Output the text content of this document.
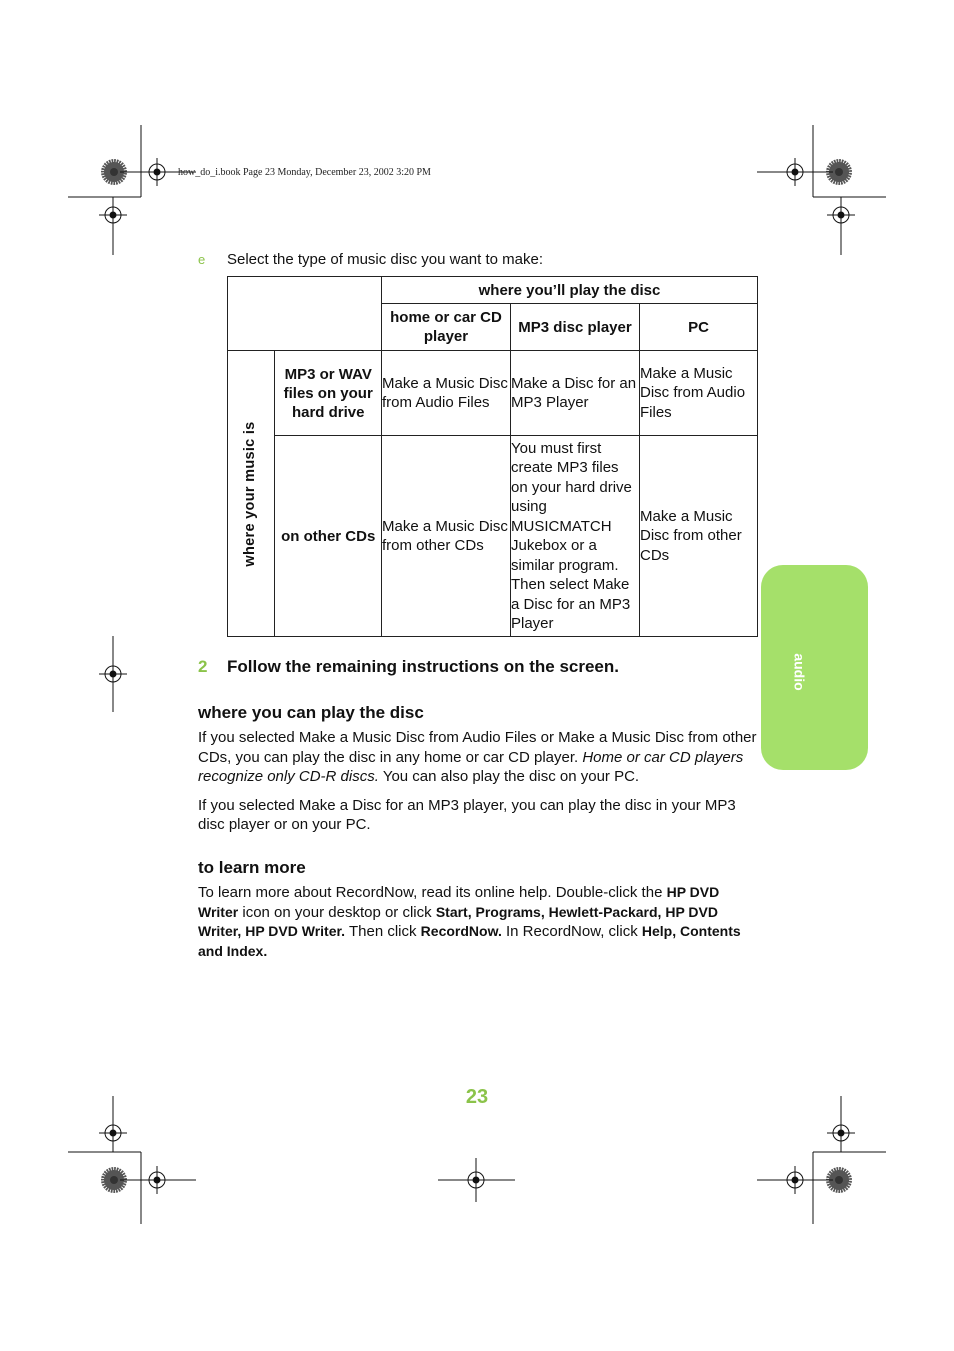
how_do_i.book Page 23 Monday, December 23, 2002 3:20 PM
audio
e Select the type of music disc you want to make:
		where you’ll play the disc		
		home or car CD player	MP3 disc player	PC

where your music is	MP3 or WAV files on your hard drive	Make a Music Disc from Audio Files	Make a Disc for an MP3 Player	Make a Music Disc from Audio Files
	on other CDs	Make a Music Disc from other CDs	You must first create MP3 files on your hard drive using MUSICMATCH Jukebox or a similar program. Then select Make a Disc for an MP3 Player	Make a Music Disc from other CDs
2 Follow the remaining instructions on the screen.
where you can play the disc

If you selected Make a Music Disc from Audio Files or Make a Music Disc from other CDs, you can play the disc in any home or car CD player. Home or car CD players recognize only CD-R discs. You can also play the disc on your PC.

If you selected Make a Disc for an MP3 player, you can play the disc in your MP3 disc player or on your PC.

to learn more

To learn more about RecordNow, read its online help. Double-click the HP DVD Writer icon on your desktop or click Start, Programs, Hewlett-Packard, HP DVD Writer, HP DVD Writer. Then click RecordNow. In RecordNow, click Help, Contents and Index.

23
